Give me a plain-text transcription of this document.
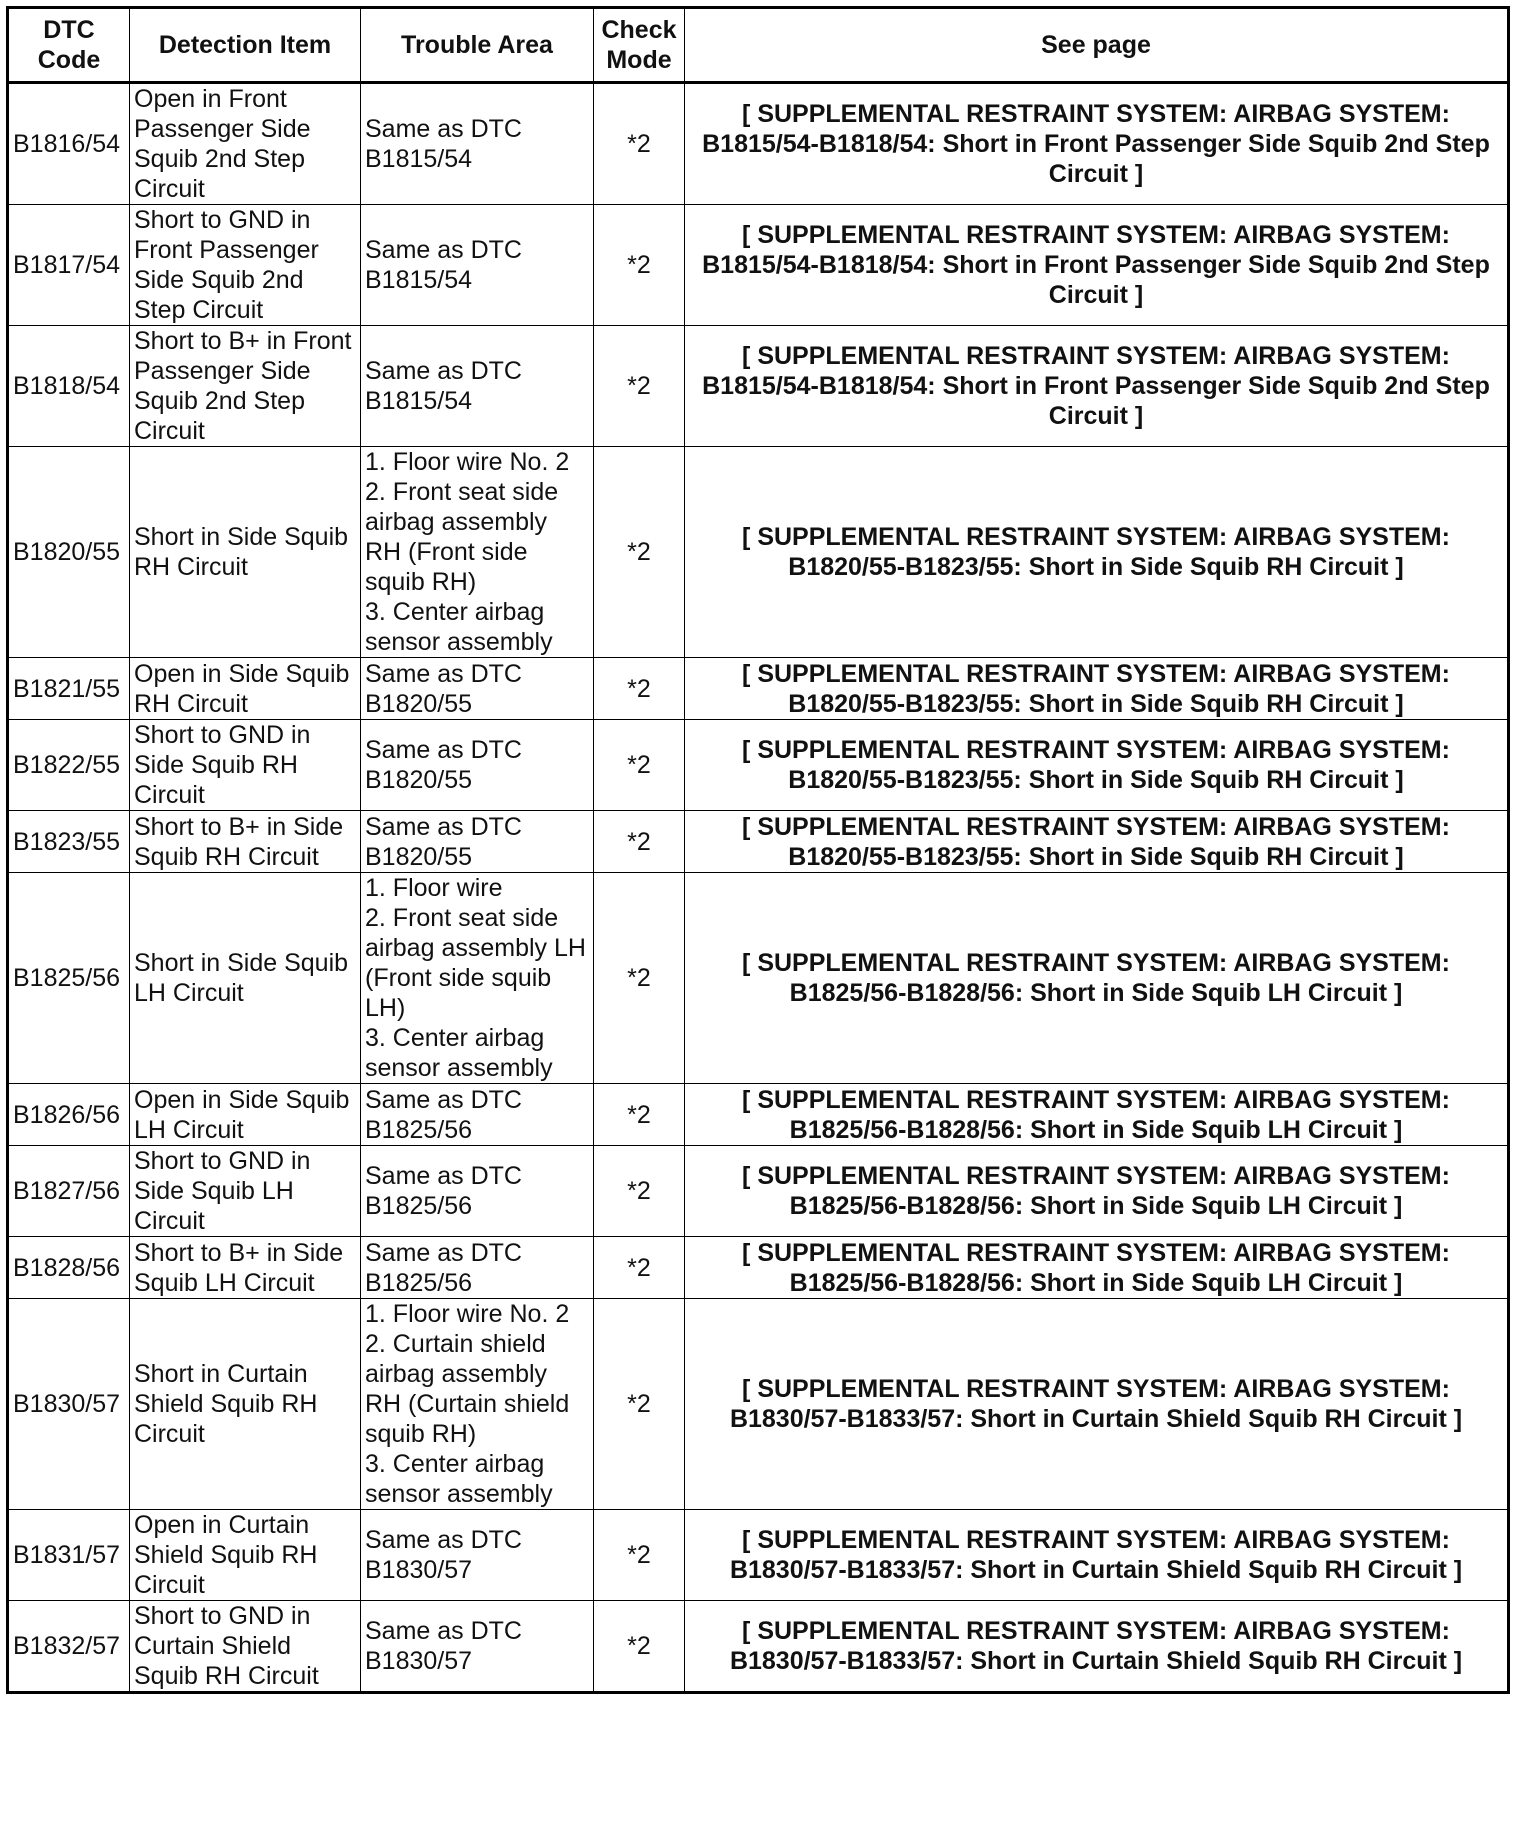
DTC Code	Detection Item	Trouble Area	Check Mode	See page
B1816/54	Open in Front Passenger Side Squib 2nd Step Circuit	Same as DTC B1815/54	*2	[ SUPPLEMENTAL RESTRAINT SYSTEM: AIRBAG SYSTEM: B1815/54-B1818/54: Short in Front Passenger Side Squib 2nd Step Circuit ]
B1817/54	Short to GND in Front Passenger Side Squib 2nd Step Circuit	Same as DTC B1815/54	*2	[ SUPPLEMENTAL RESTRAINT SYSTEM: AIRBAG SYSTEM: B1815/54-B1818/54: Short in Front Passenger Side Squib 2nd Step Circuit ]
B1818/54	Short to B+ in Front Passenger Side Squib 2nd Step Circuit	Same as DTC B1815/54	*2	[ SUPPLEMENTAL RESTRAINT SYSTEM: AIRBAG SYSTEM: B1815/54-B1818/54: Short in Front Passenger Side Squib 2nd Step Circuit ]
B1820/55	Short in Side Squib RH Circuit	1. Floor wire No. 2
2. Front seat side airbag assembly RH (Front side squib RH)
3. Center airbag sensor assembly	*2	[ SUPPLEMENTAL RESTRAINT SYSTEM: AIRBAG SYSTEM: B1820/55-B1823/55: Short in Side Squib RH Circuit ]
B1821/55	Open in Side Squib RH Circuit	Same as DTC B1820/55	*2	[ SUPPLEMENTAL RESTRAINT SYSTEM: AIRBAG SYSTEM: B1820/55-B1823/55: Short in Side Squib RH Circuit ]
B1822/55	Short to GND in Side Squib RH Circuit	Same as DTC B1820/55	*2	[ SUPPLEMENTAL RESTRAINT SYSTEM: AIRBAG SYSTEM: B1820/55-B1823/55: Short in Side Squib RH Circuit ]
B1823/55	Short to B+ in Side Squib RH Circuit	Same as DTC B1820/55	*2	[ SUPPLEMENTAL RESTRAINT SYSTEM: AIRBAG SYSTEM: B1820/55-B1823/55: Short in Side Squib RH Circuit ]
B1825/56	Short in Side Squib LH Circuit	1. Floor wire
2. Front seat side airbag assembly LH (Front side squib LH)
3. Center airbag sensor assembly	*2	[ SUPPLEMENTAL RESTRAINT SYSTEM: AIRBAG SYSTEM: B1825/56-B1828/56: Short in Side Squib LH Circuit ]
B1826/56	Open in Side Squib LH Circuit	Same as DTC B1825/56	*2	[ SUPPLEMENTAL RESTRAINT SYSTEM: AIRBAG SYSTEM: B1825/56-B1828/56: Short in Side Squib LH Circuit ]
B1827/56	Short to GND in Side Squib LH Circuit	Same as DTC B1825/56	*2	[ SUPPLEMENTAL RESTRAINT SYSTEM: AIRBAG SYSTEM: B1825/56-B1828/56: Short in Side Squib LH Circuit ]
B1828/56	Short to B+ in Side Squib LH Circuit	Same as DTC B1825/56	*2	[ SUPPLEMENTAL RESTRAINT SYSTEM: AIRBAG SYSTEM: B1825/56-B1828/56: Short in Side Squib LH Circuit ]
B1830/57	Short in Curtain Shield Squib RH Circuit	1. Floor wire No. 2
2. Curtain shield airbag assembly RH (Curtain shield squib RH)
3. Center airbag sensor assembly	*2	[ SUPPLEMENTAL RESTRAINT SYSTEM: AIRBAG SYSTEM: B1830/57-B1833/57: Short in Curtain Shield Squib RH Circuit ]
B1831/57	Open in Curtain Shield Squib RH Circuit	Same as DTC B1830/57	*2	[ SUPPLEMENTAL RESTRAINT SYSTEM: AIRBAG SYSTEM: B1830/57-B1833/57: Short in Curtain Shield Squib RH Circuit ]
B1832/57	Short to GND in Curtain Shield Squib RH Circuit	Same as DTC B1830/57	*2	[ SUPPLEMENTAL RESTRAINT SYSTEM: AIRBAG SYSTEM: B1830/57-B1833/57: Short in Curtain Shield Squib RH Circuit ]
